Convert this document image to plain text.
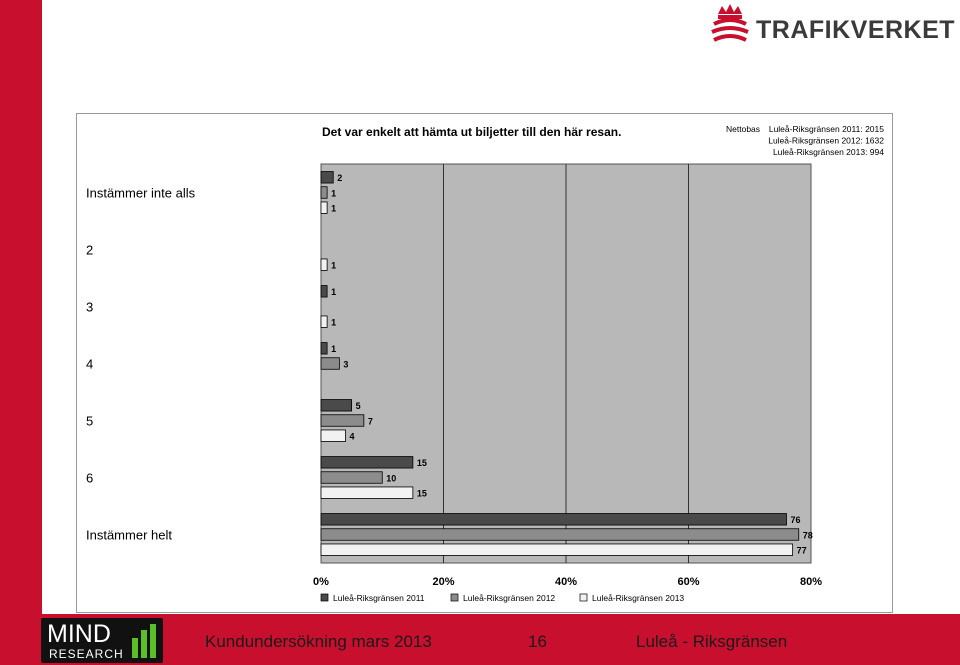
TRAFIKVERKET
Det var enkelt att hämta ut biljetter till den här resan.	Nettobas Luleå-Riksgränsen 2011: 2015
Luleå-Riksgränsen 2012: 1632
Luleå-Riksgränsen 2013: 994
0%	20%	40%	60%	80%
Instämmer inte alls
2
1
1
2
1
3
1
1
4
1
3
5
5
7
4
6
15
10
15
Instämmer helt
76
78
77
Luleå-Riksgränsen 2011	Luleå-Riksgränsen 2012	Luleå-Riksgränsen 2013
MIND
RESEARCH
Kundundersökning mars 2013	16	Luleå - Riksgränsen
